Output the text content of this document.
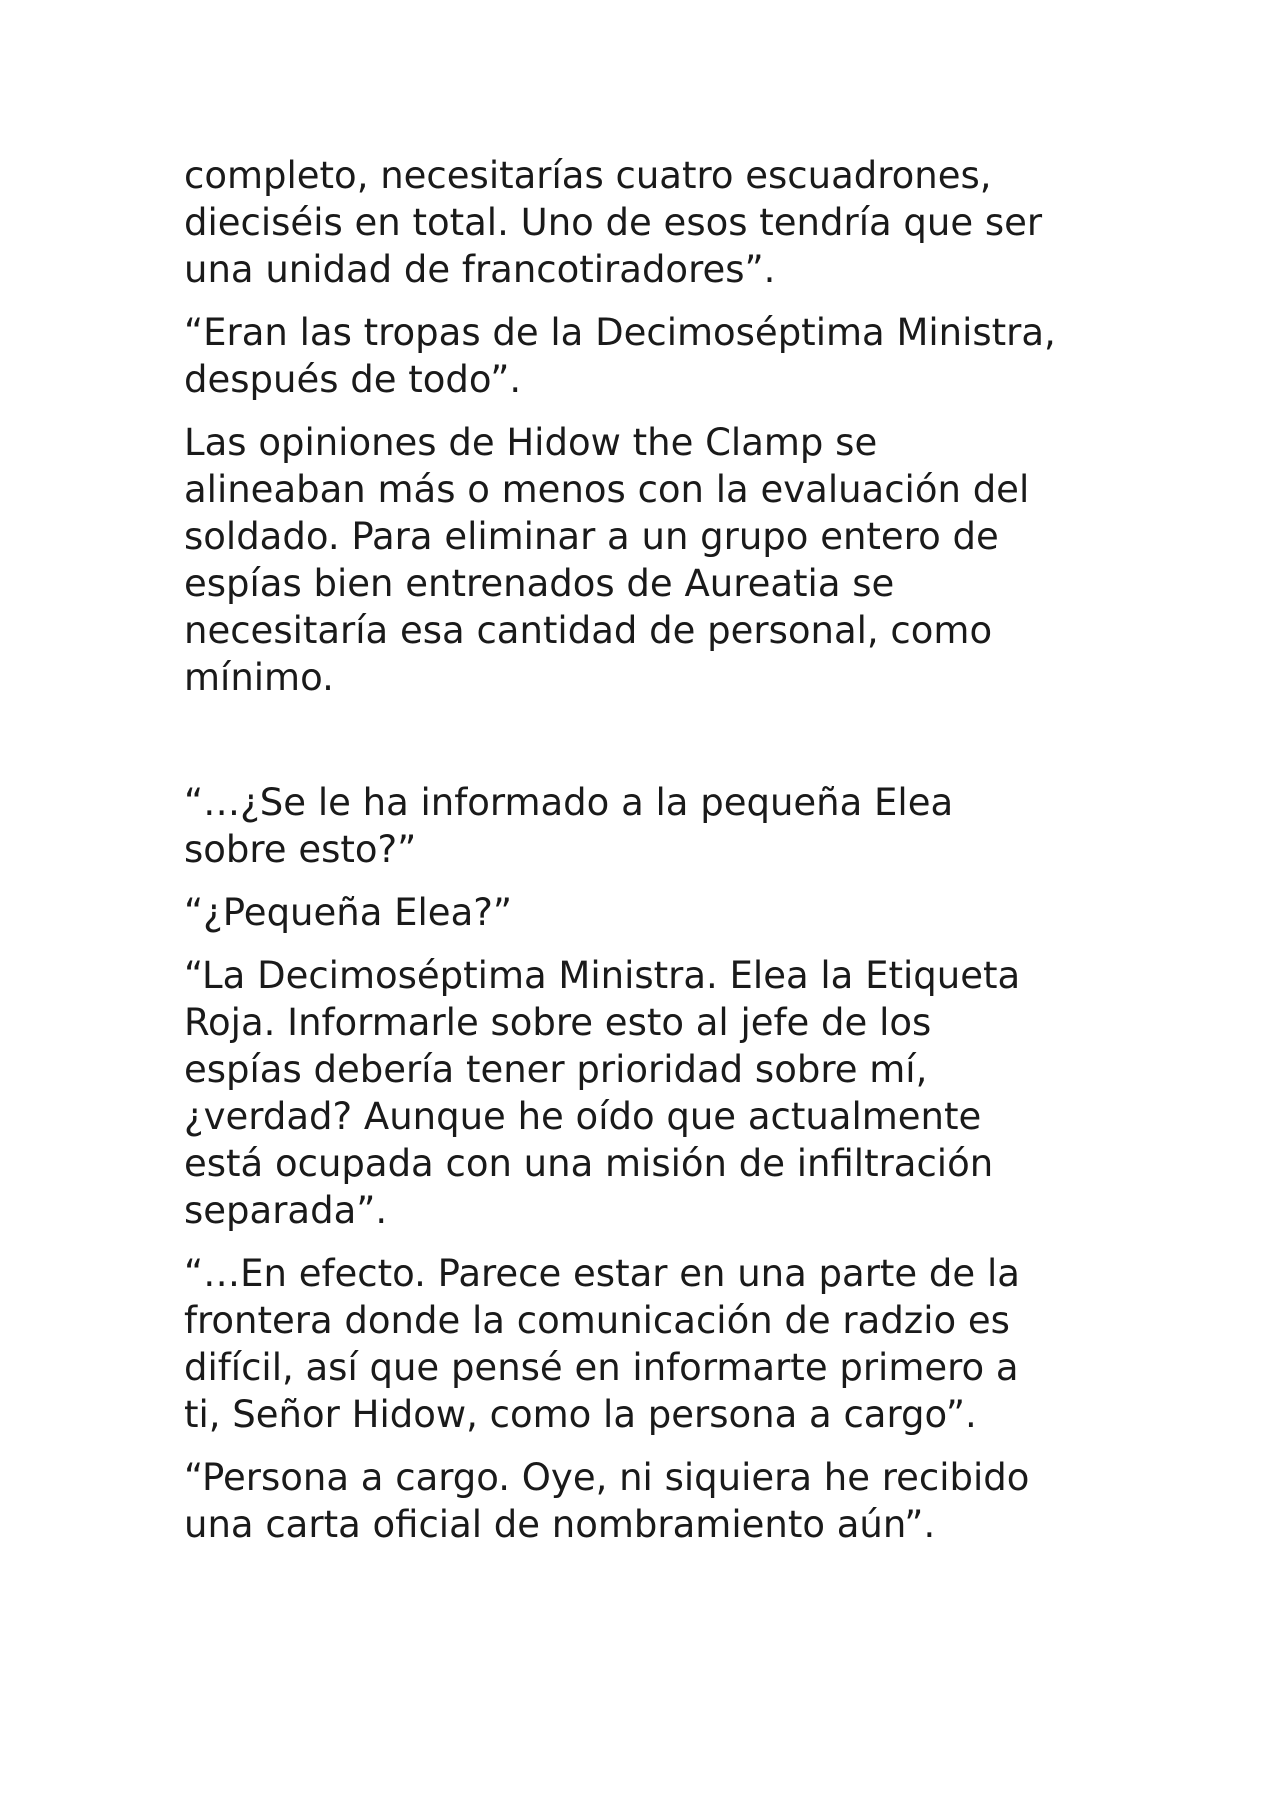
completo, necesitarías cuatro escuadrones,
dieciséis en total. Uno de esos tendría que ser
una unidad de francotiradores”.

“Eran las tropas de la Decimoséptima Ministra,
después de todo”.

Las opiniones de Hidow the Clamp se
alineaban más o menos con la evaluación del
soldado. Para eliminar a un grupo entero de
espías bien entrenados de Aureatia se
necesitaría esa cantidad de personal, como
mínimo.

“…¿Se le ha informado a la pequeña Elea
sobre esto?”

“¿Pequeña Elea?”

“La Decimoséptima Ministra. Elea la Etiqueta
Roja. Informarle sobre esto al jefe de los
espías debería tener prioridad sobre mí,
¿verdad? Aunque he oído que actualmente
está ocupada con una misión de infiltración
separada”.

“…En efecto. Parece estar en una parte de la
frontera donde la comunicación de radzio es
difícil, así que pensé en informarte primero a
ti, Señor Hidow, como la persona a cargo”.

“Persona a cargo. Oye, ni siquiera he recibido
una carta oficial de nombramiento aún”.
